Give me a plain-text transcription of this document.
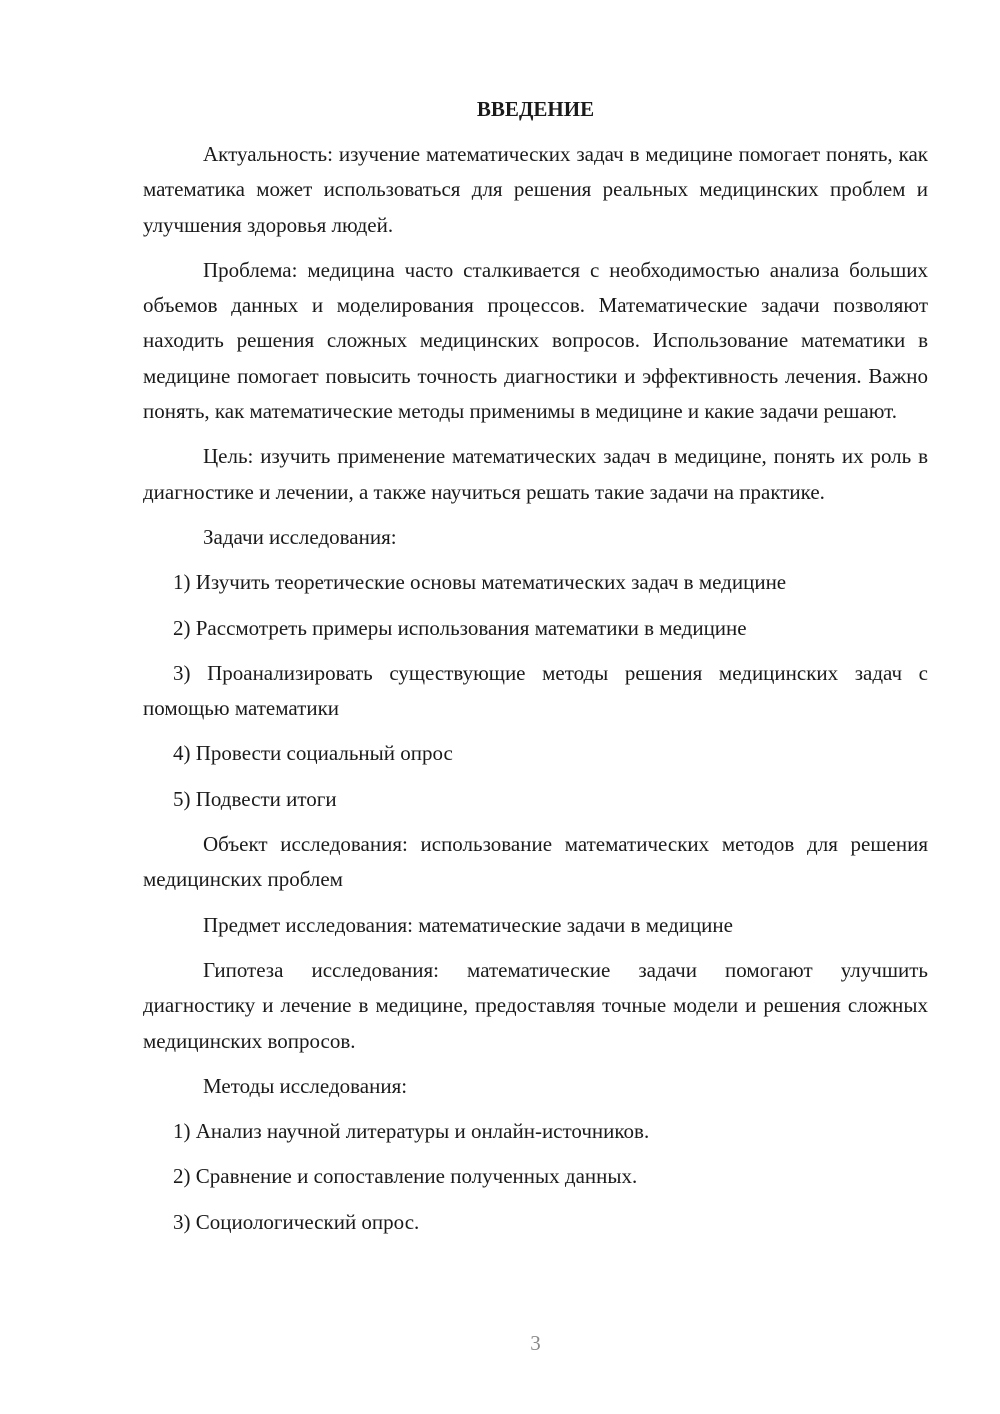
ВВЕДЕНИЕ

Актуальность: изучение математических задач в медицине помогает понять, как математика может использоваться для решения реальных медицинских проблем и улучшения здоровья людей.

Проблема: медицина часто сталкивается с необходимостью анализа больших объемов данных и моделирования процессов. Математические задачи позволяют находить решения сложных медицинских вопросов. Использование математики в медицине помогает повысить точность диагностики и эффективность лечения. Важно понять, как математические методы применимы в медицине и какие задачи решают.

Цель: изучить применение математических задач в медицине, понять их роль в диагностике и лечении, а также научиться решать такие задачи на практике.

Задачи исследования:

1) Изучить теоретические основы математических задач в медицине

2) Рассмотреть примеры использования математики в медицине

3) Проанализировать существующие методы решения медицинских задач с помощью математики

4) Провести социальный опрос

5) Подвести итоги

Объект исследования: использование математических методов для решения медицинских проблем

Предмет исследования: математические задачи в медицине

Гипотеза исследования: математические задачи помогают улучшить диагностику и лечение в медицине, предоставляя точные модели и решения сложных медицинских вопросов.

Методы исследования:

1) Анализ научной литературы и онлайн-источников.

2) Сравнение и сопоставление полученных данных.

3) Социологический опрос.

3
